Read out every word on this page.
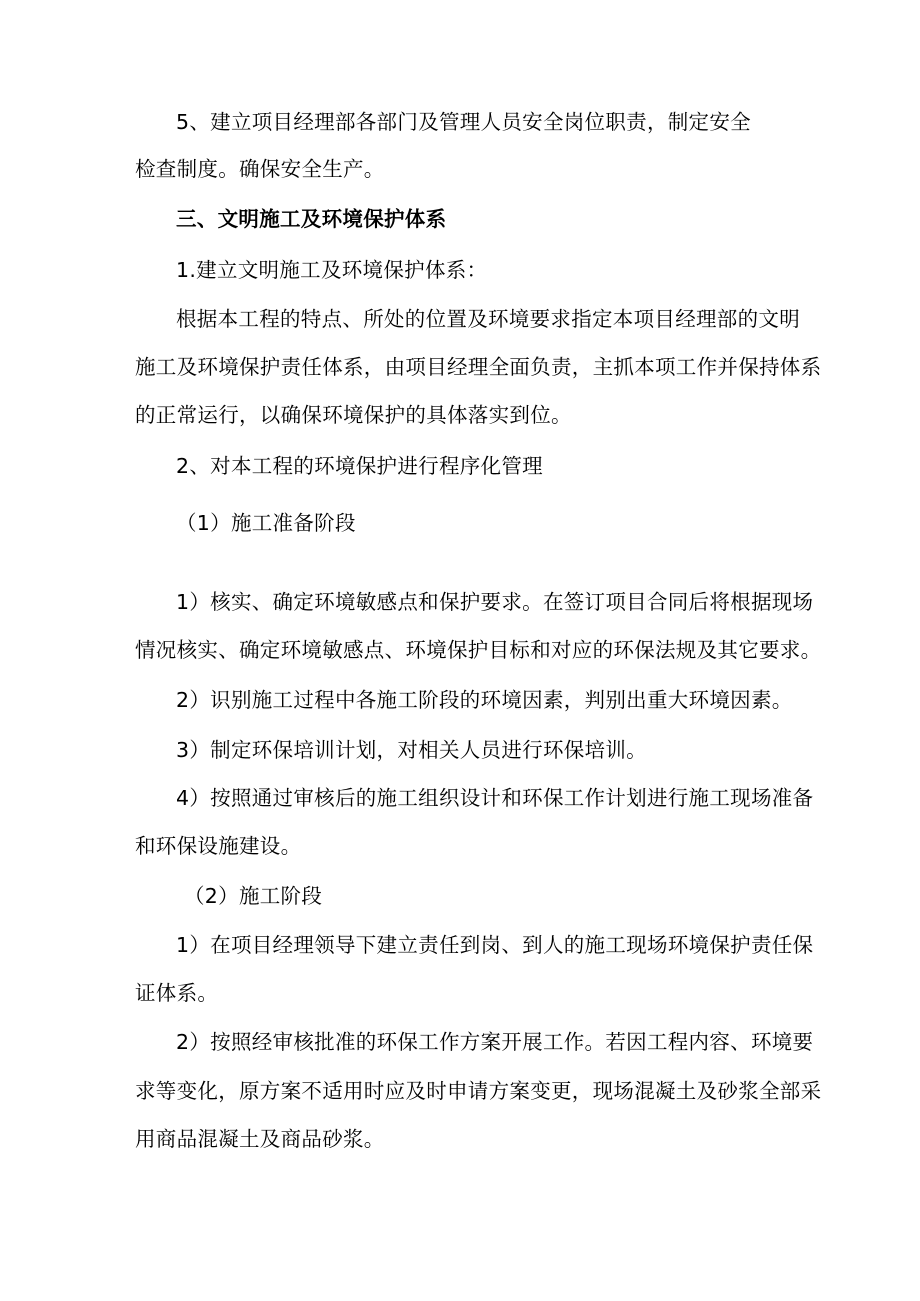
5、建立项目经理部各部门及管理人员安全岗位职责，制定安全
检查制度。确保安全生产。
三、文明施工及环境保护体系
1.建立文明施工及环境保护体系：
根据本工程的特点、所处的位置及环境要求指定本项目经理部的文明
施工及环境保护责任体系，由项目经理全面负责，主抓本项工作并保持体系
的正常运行，以确保环境保护的具体落实到位。
2、对本工程的环境保护进行程序化管理
（1）施工准备阶段
1）核实、确定环境敏感点和保护要求。在签订项目合同后将根据现场
情况核实、确定环境敏感点、环境保护目标和对应的环保法规及其它要求。
2）识别施工过程中各施工阶段的环境因素，判别出重大环境因素。
3）制定环保培训计划，对相关人员进行环保培训。
4）按照通过审核后的施工组织设计和环保工作计划进行施工现场准备
和环保设施建设。
（2）施工阶段
1）在项目经理领导下建立责任到岗、到人的施工现场环境保护责任保
证体系。
2）按照经审核批准的环保工作方案开展工作。若因工程内容、环境要
求等变化，原方案不适用时应及时申请方案变更，现场混凝土及砂浆全部采
用商品混凝土及商品砂浆。
